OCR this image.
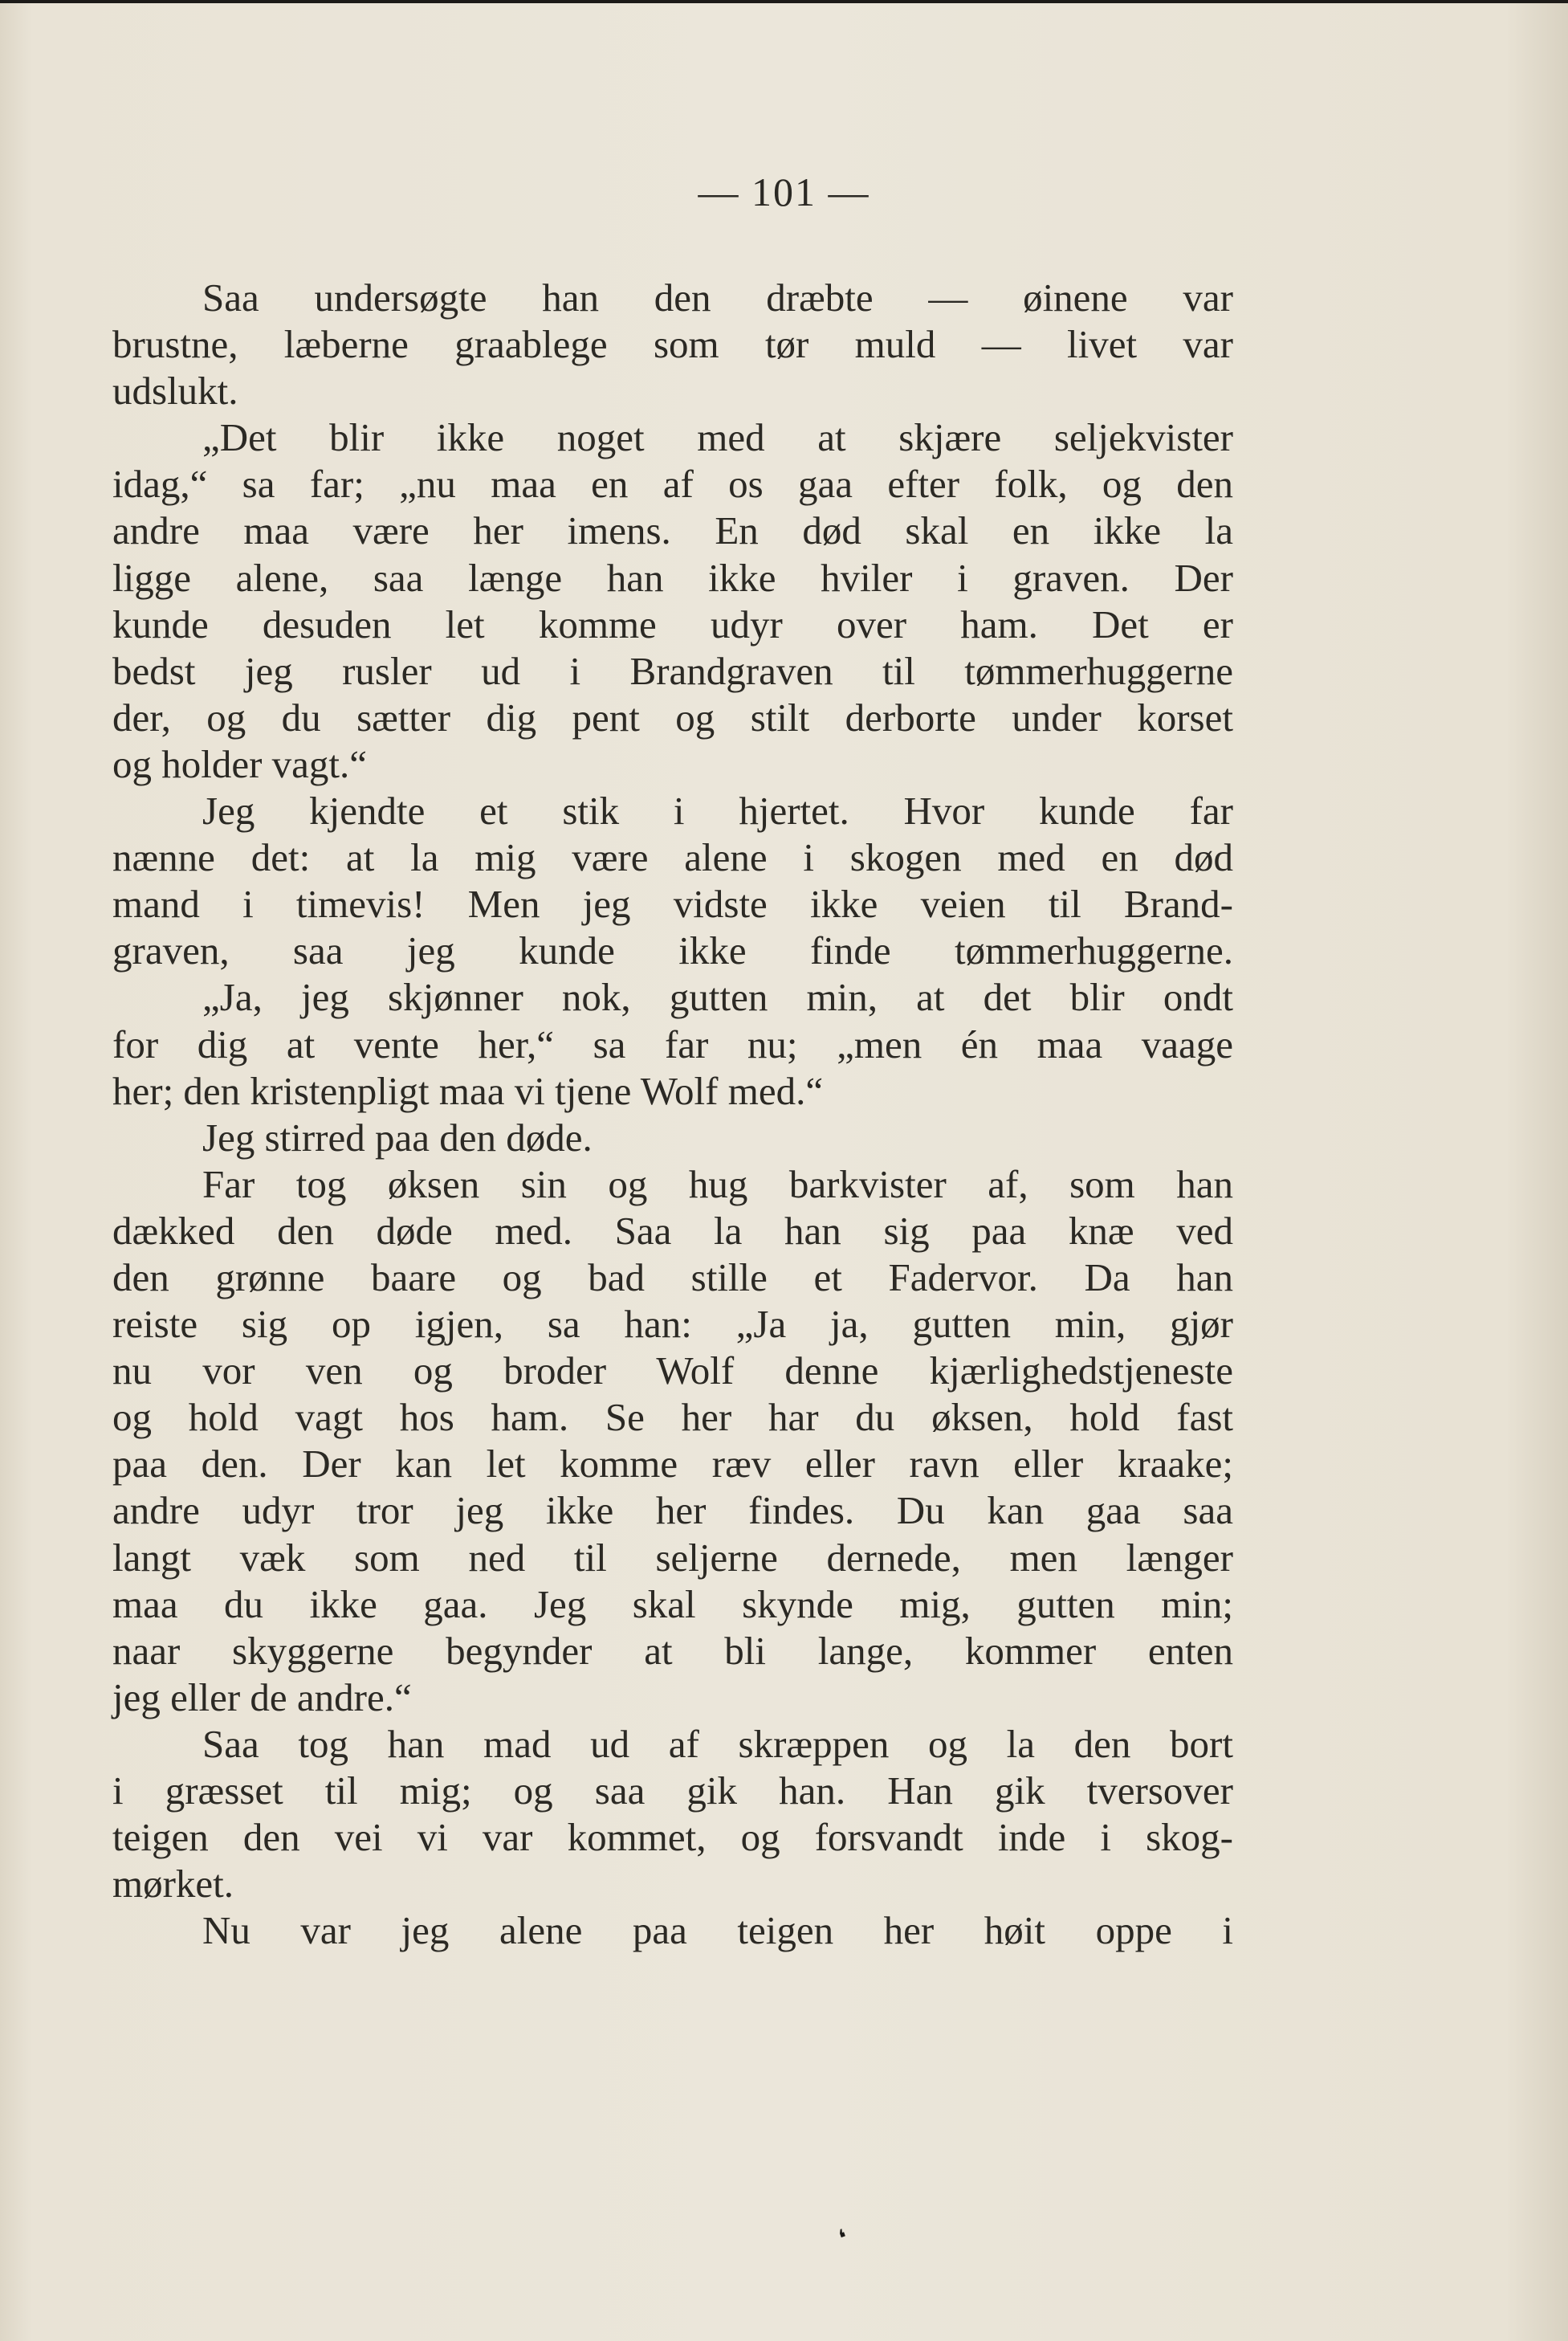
— 101 —
Saa undersøgte han den dræbte — øinene var
brustne, læberne graablege som tør muld — livet var
udslukt.
„Det blir ikke noget med at skjære seljekvister
idag,“ sa far; „nu maa en af os gaa efter folk, og den
andre maa være her imens. En død skal en ikke la
ligge alene, saa længe han ikke hviler i graven. Der
kunde desuden let komme udyr over ham. Det er
bedst jeg rusler ud i Brandgraven til tømmerhuggerne
der, og du sætter dig pent og stilt derborte under korset
og holder vagt.“
Jeg kjendte et stik i hjertet. Hvor kunde far
nænne det: at la mig være alene i skogen med en død
mand i timevis! Men jeg vidste ikke veien til Brand-
graven, saa jeg kunde ikke finde tømmerhuggerne.
„Ja, jeg skjønner nok, gutten min, at det blir ondt
for dig at vente her,“ sa far nu; „men én maa vaage
her; den kristenpligt maa vi tjene Wolf med.“
Jeg stirred paa den døde.
Far tog øksen sin og hug barkvister af, som han
dækked den døde med. Saa la han sig paa knæ ved
den grønne baare og bad stille et Fadervor. Da han
reiste sig op igjen, sa han: „Ja ja, gutten min, gjør
nu vor ven og broder Wolf denne kjærlighedstjeneste
og hold vagt hos ham. Se her har du øksen, hold fast
paa den. Der kan let komme ræv eller ravn eller kraake;
andre udyr tror jeg ikke her findes. Du kan gaa saa
langt væk som ned til seljerne dernede, men længer
maa du ikke gaa. Jeg skal skynde mig, gutten min;
naar skyggerne begynder at bli lange, kommer enten
jeg eller de andre.“
Saa tog han mad ud af skræppen og la den bort
i græsset til mig; og saa gik han. Han gik tversover
teigen den vei vi var kommet, og forsvandt inde i skog-
mørket.
Nu var jeg alene paa teigen her høit oppe i
❛
